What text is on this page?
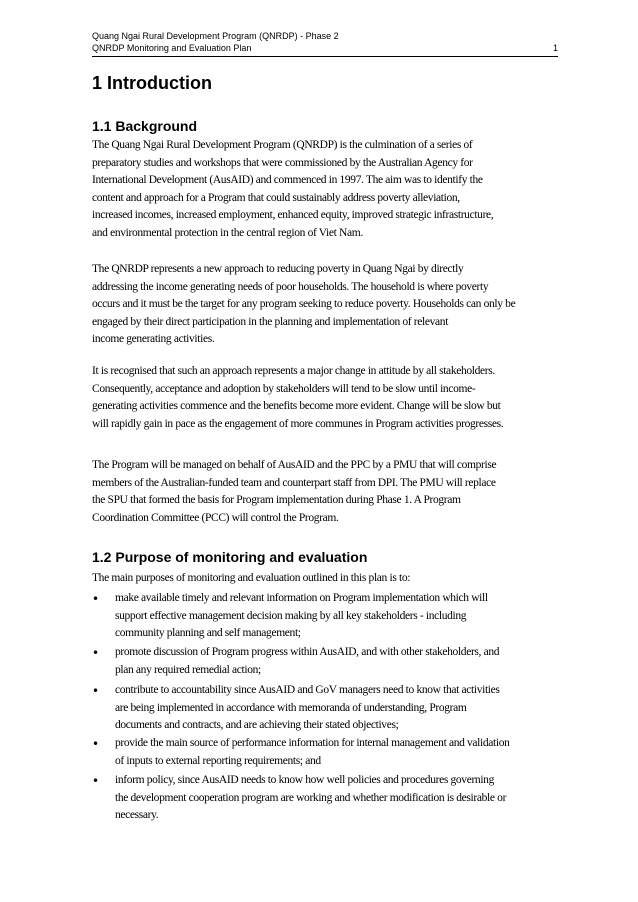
Quang Ngai Rural Development Program (QNRDP) - Phase 2
QNRDP Monitoring and Evaluation Plan	1
1 Introduction
1.1 Background
The Quang Ngai Rural Development Program (QNRDP) is the culmination of a series of
preparatory studies and workshops that were commissioned by the Australian Agency for
International Development (AusAID) and commenced in 1997. The aim was to identify the
content and approach for a Program that could sustainably address poverty alleviation,
increased incomes, increased employment, enhanced equity, improved strategic infrastructure,
and environmental protection in the central region of Viet Nam.
The QNRDP represents a new approach to reducing poverty in Quang Ngai by directly
addressing the income generating needs of poor households. The household is where poverty
occurs and it must be the target for any program seeking to reduce poverty. Households can only be
engaged by their direct participation in the planning and implementation of relevant
income generating activities.
It is recognised that such an approach represents a major change in attitude by all stakeholders.
Consequently, acceptance and adoption by stakeholders will tend to be slow until income-
generating activities commence and the benefits become more evident. Change will be slow but
will rapidly gain in pace as the engagement of more communes in Program activities progresses.
The Program will be managed on behalf of AusAID and the PPC by a PMU that will comprise
members of the Australian-funded team and counterpart staff from DPI. The PMU will replace
the SPU that formed the basis for Program implementation during Phase 1. A Program
Coordination Committee (PCC) will control the Program.
1.2 Purpose of monitoring and evaluation
The main purposes of monitoring and evaluation outlined in this plan is to:
• make available timely and relevant information on Program implementation which will
support effective management decision making by all key stakeholders - including
community planning and self management;
• promote discussion of Program progress within AusAID, and with other stakeholders, and
plan any required remedial action;
• contribute to accountability since AusAID and GoV managers need to know that activities
are being implemented in accordance with memoranda of understanding, Program
documents and contracts, and are achieving their stated objectives;
• provide the main source of performance information for internal management and validation
of inputs to external reporting requirements; and
• inform policy, since AusAID needs to know how well policies and procedures governing
the development cooperation program are working and whether modification is desirable or
necessary.
